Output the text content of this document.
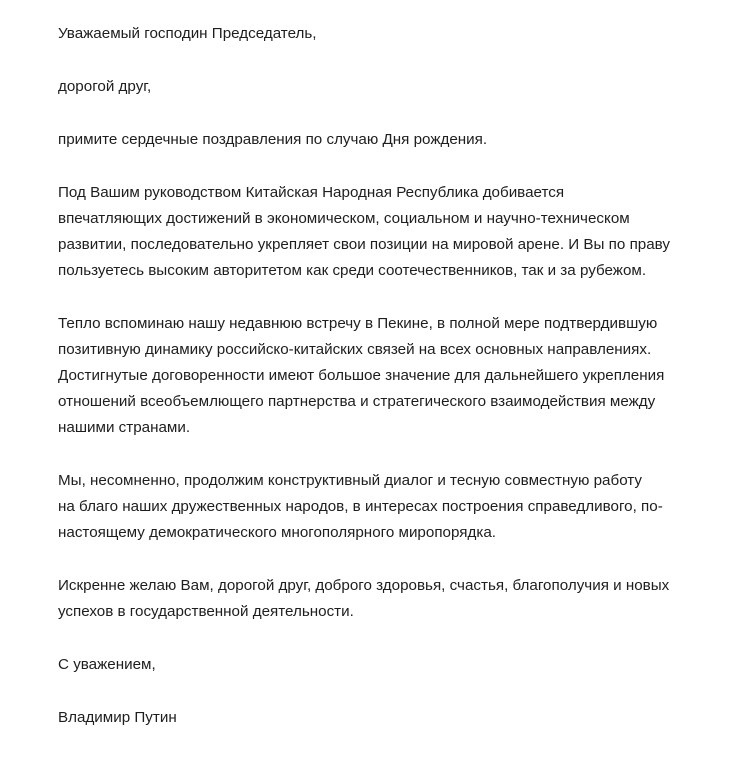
Уважаемый господин Председатель,

дорогой друг,

примите сердечные поздравления по случаю Дня рождения.

Под Вашим руководством Китайская Народная Республика добивается
впечатляющих достижений в экономическом, социальном и научно-техническом
развитии, последовательно укрепляет свои позиции на мировой арене. И Вы по праву
пользуетесь высоким авторитетом как среди соотечественников, так и за рубежом.

Тепло вспоминаю нашу недавнюю встречу в Пекине, в полной мере подтвердившую
позитивную динамику российско-китайских связей на всех основных направлениях.
Достигнутые договоренности имеют большое значение для дальнейшего укрепления
отношений всеобъемлющего партнерства и стратегического взаимодействия между
нашими странами.

Мы, несомненно, продолжим конструктивный диалог и тесную совместную работу
на благо наших дружественных народов, в интересах построения справедливого, по-
настоящему демократического многополярного миропорядка.

Искренне желаю Вам, дорогой друг, доброго здоровья, счастья, благополучия и новых
успехов в государственной деятельности.

С уважением,

Владимир Путин
